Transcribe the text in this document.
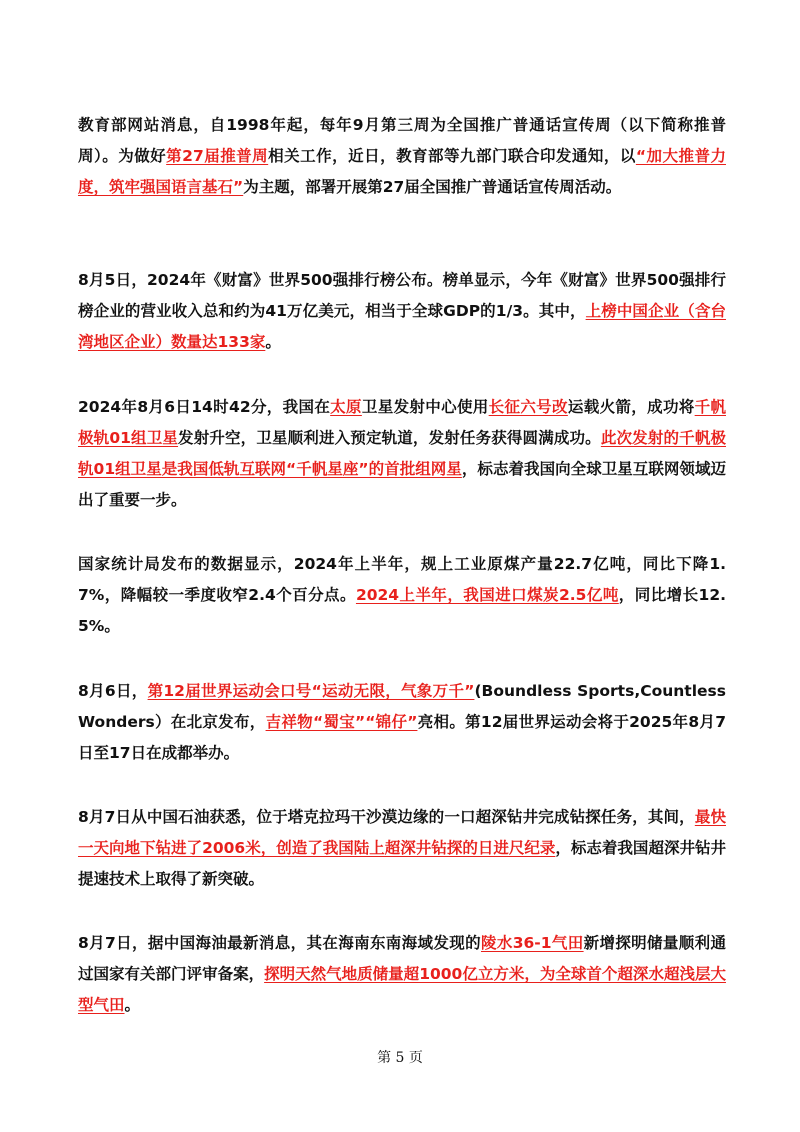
教育部网站消息，自1998年起，每年9月第三周为全国推广普通话宣传周（以下简称推普周）。为做好第27届推普周相关工作，近日，教育部等九部门联合印发通知，以“加大推普力度，筑牢强国语言基石”为主题，部署开展第27届全国推广普通话宣传周活动。
8月5日，2024年《财富》世界500强排行榜公布。榜单显示，今年《财富》世界500强排行榜企业的营业收入总和约为41万亿美元，相当于全球GDP的1/3。其中，上榜中国企业（含台湾地区企业）数量达133家。
2024年8月6日14时42分，我国在太原卫星发射中心使用长征六号改运载火箭，成功将千帆极轨01组卫星发射升空，卫星顺利进入预定轨道，发射任务获得圆满成功。此次发射的千帆极轨01组卫星是我国低轨互联网“千帆星座”的首批组网星，标志着我国向全球卫星互联网领域迈出了重要一步。
国家统计局发布的数据显示，2024年上半年，规上工业原煤产量22.7亿吨，同比下降1.7%，降幅较一季度收窄2.4个百分点。2024上半年，我国进口煤炭2.5亿吨，同比增长12.5%。
8月6日，第12届世界运动会口号“运动无限，气象万千”(Boundless Sports,Countless Wonders）在北京发布，吉祥物“蜀宝”“锦仔”亮相。第12届世界运动会将于2025年8月7日至17日在成都举办。
8月7日从中国石油获悉，位于塔克拉玛干沙漠边缘的一口超深钻井完成钻探任务，其间，最快一天向地下钻进了2006米，创造了我国陆上超深井钻探的日进尺纪录，标志着我国超深井钻井提速技术上取得了新突破。
8月7日，据中国海油最新消息，其在海南东南海域发现的陵水36-1气田新增探明储量顺利通过国家有关部门评审备案，探明天然气地质储量超1000亿立方米，为全球首个超深水超浅层大型气田。
第 5 页
